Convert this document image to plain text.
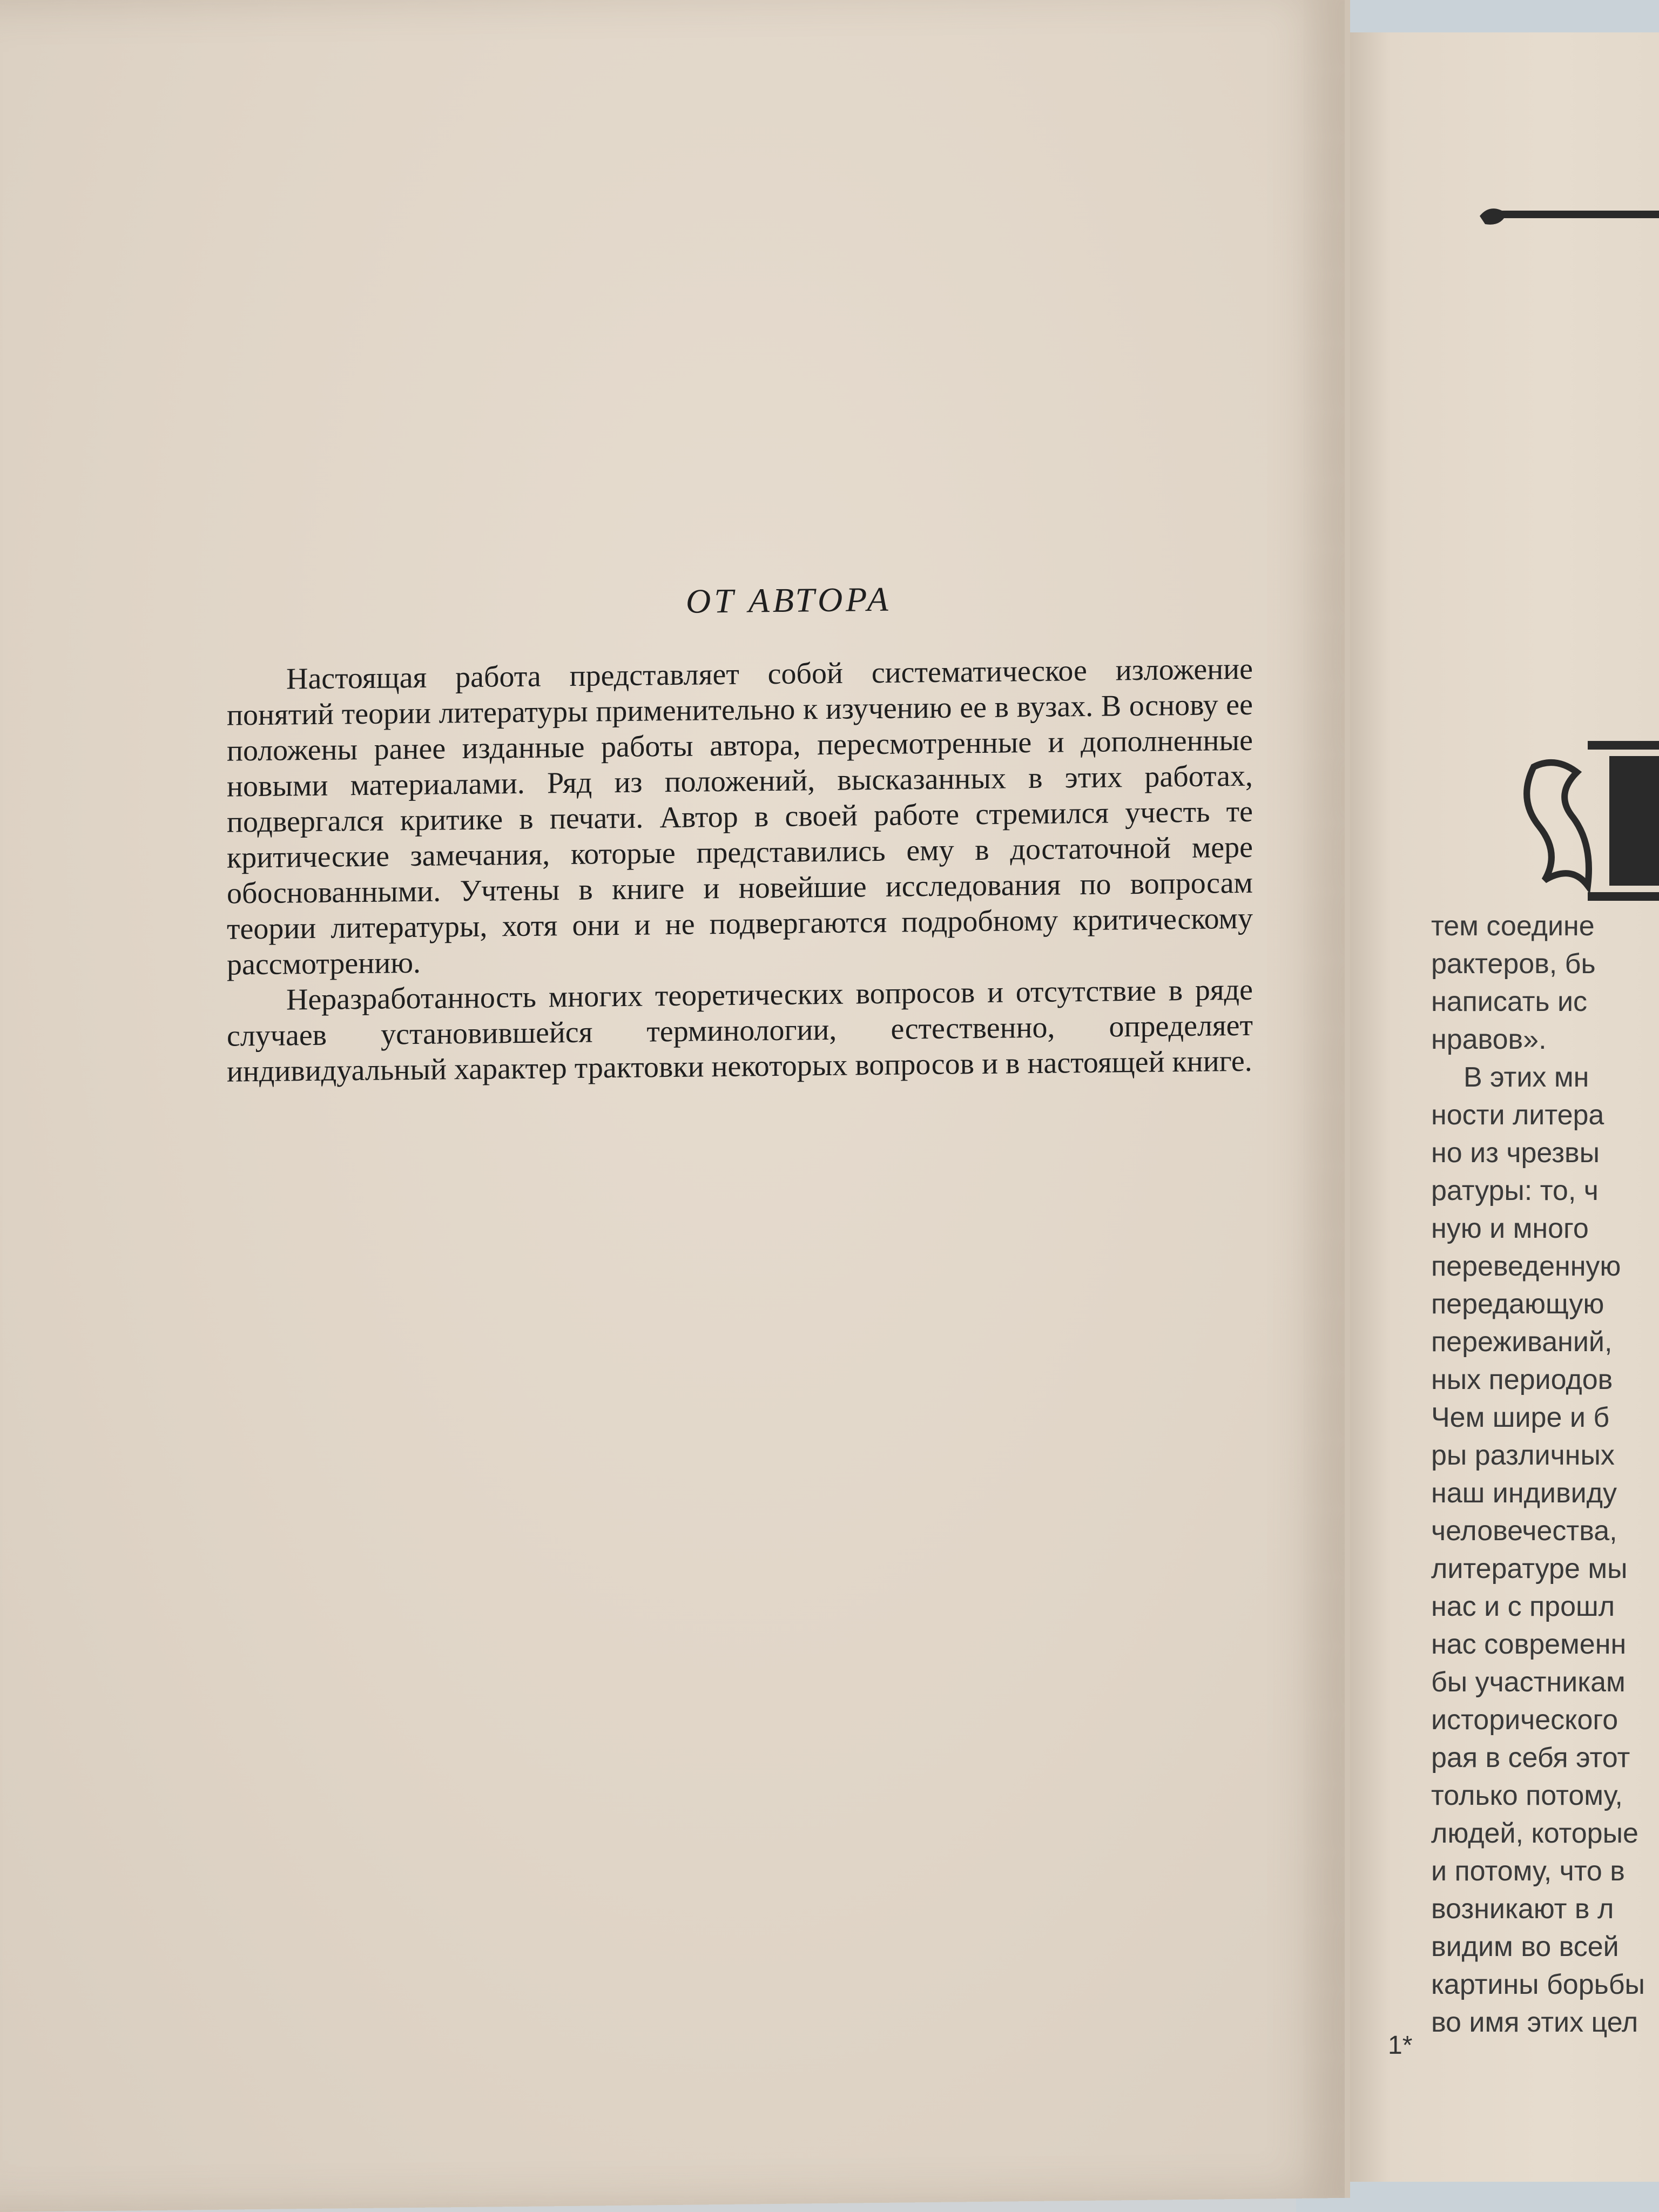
ОТ АВТОРА

Настоящая работа представляет собой систематическое изложение понятий теории литературы применительно к изучению ее в вузах. В основу ее положены ранее изданные работы автора, пересмотренные и дополненные новыми материалами. Ряд из положений, высказанных в этих работах, подвергался критике в печати. Автор в своей работе стремился учесть те критические замечания, которые представились ему в достаточной мере обоснованными. Учтены в книге и новейшие исследования по вопросам теории литературы, хотя они и не подвергаются подробному критическому рассмотрению.

Неразработанность многих теоретических вопросов и отсутствие в ряде случаев установившейся терминологии, естественно, определяет индивидуальный характер трактовки некоторых вопросов и в настоящей книге.

тем соедине
рактеров, бь
написать ис
нравов».
В этих мн
ности литера
но из чрезвы
ратуры: то, ч
ную и много
переведенную
передающую
переживаний,
ных периодов
Чем шире и б
ры различных
наш индивиду
человечества,
литературе мы
нас и с прошл
нас современн
бы участникам
исторического
рая в себя этот
только потому,
людей, которые
и потому, что в
возникают в л
видим во всей
картины борьбы
во имя этих цел
1*
